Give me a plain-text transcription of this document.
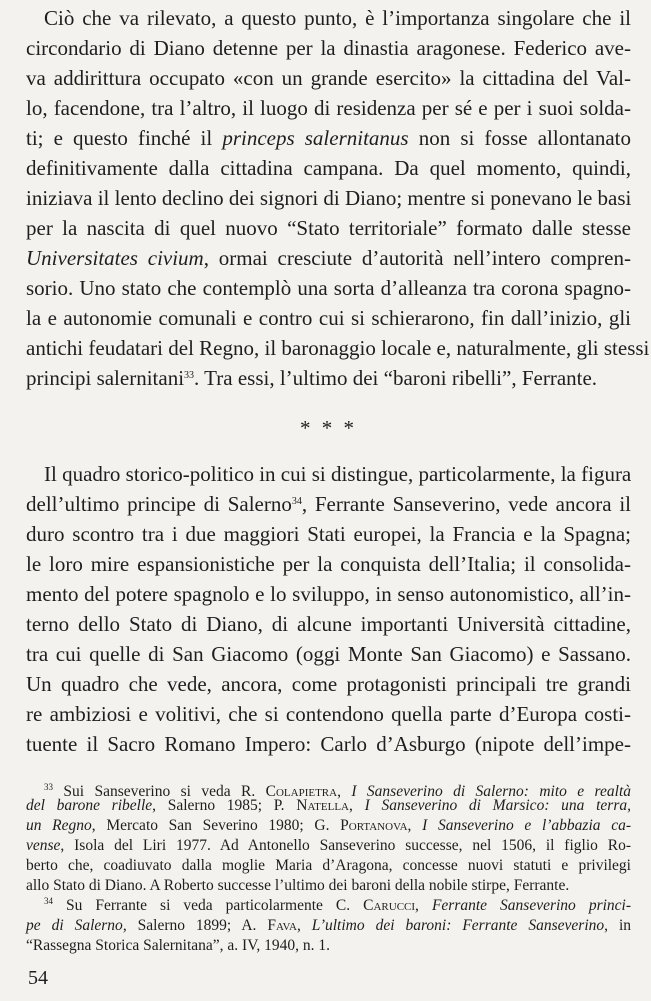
Ciò che va rilevato, a questo punto, è l’importanza singolare che il
circondario di Diano detenne per la dinastia aragonese. Federico ave-
va addirittura occupato «con un grande esercito» la cittadina del Val-
lo, facendone, tra l’altro, il luogo di residenza per sé e per i suoi solda-
ti; e questo finché il princeps salernitanus non si fosse allontanato
definitivamente dalla cittadina campana. Da quel momento, quindi,
iniziava il lento declino dei signori di Diano; mentre si ponevano le basi
per la nascita di quel nuovo “Stato territoriale” formato dalle stesse
Universitates civium, ormai cresciute d’autorità nell’intero compren-
sorio. Uno stato che contemplò una sorta d’alleanza tra corona spagno-
la e autonomie comunali e contro cui si schierarono, fin dall’inizio, gli
antichi feudatari del Regno, il baronaggio locale e, naturalmente, gli stessi
principi salernitani$^{33}$. Tra essi, l’ultimo dei “baroni ribelli”, Ferrante.
* * *
Il quadro storico-politico in cui si distingue, particolarmente, la figura
dell’ultimo principe di Salerno$^{34}$, Ferrante Sanseverino, vede ancora il
duro scontro tra i due maggiori Stati europei, la Francia e la Spagna;
le loro mire espansionistiche per la conquista dell’Italia; il consolida-
mento del potere spagnolo e lo sviluppo, in senso autonomistico, all’in-
terno dello Stato di Diano, di alcune importanti Università cittadine,
tra cui quelle di San Giacomo (oggi Monte San Giacomo) e Sassano.
Un quadro che vede, ancora, come protagonisti principali tre grandi
re ambiziosi e volitivi, che si contendono quella parte d’Europa costi-
tuente il Sacro Romano Impero: Carlo d’Asburgo (nipote dell’impe-
$^{33}$ Sui Sanseverino si veda R. Colapietra, I Sanseverino di Salerno: mito e realtà
del barone ribelle, Salerno 1985; P. Natella, I Sanseverino di Marsico: una terra,
un Regno, Mercato San Severino 1980; G. Portanova, I Sanseverino e l’abbazia ca-
vense, Isola del Liri 1977. Ad Antonello Sanseverino successe, nel 1506, il figlio Ro-
berto che, coadiuvato dalla moglie Maria d’Aragona, concesse nuovi statuti e privilegi
allo Stato di Diano. A Roberto successe l’ultimo dei baroni della nobile stirpe, Ferrante.
$^{34}$ Su Ferrante si veda particolarmente C. Carucci, Ferrante Sanseverino princi-
pe di Salerno, Salerno 1899; A. Fava, L’ultimo dei baroni: Ferrante Sanseverino, in
“Rassegna Storica Salernitana”, a. IV, 1940, n. 1.
54
